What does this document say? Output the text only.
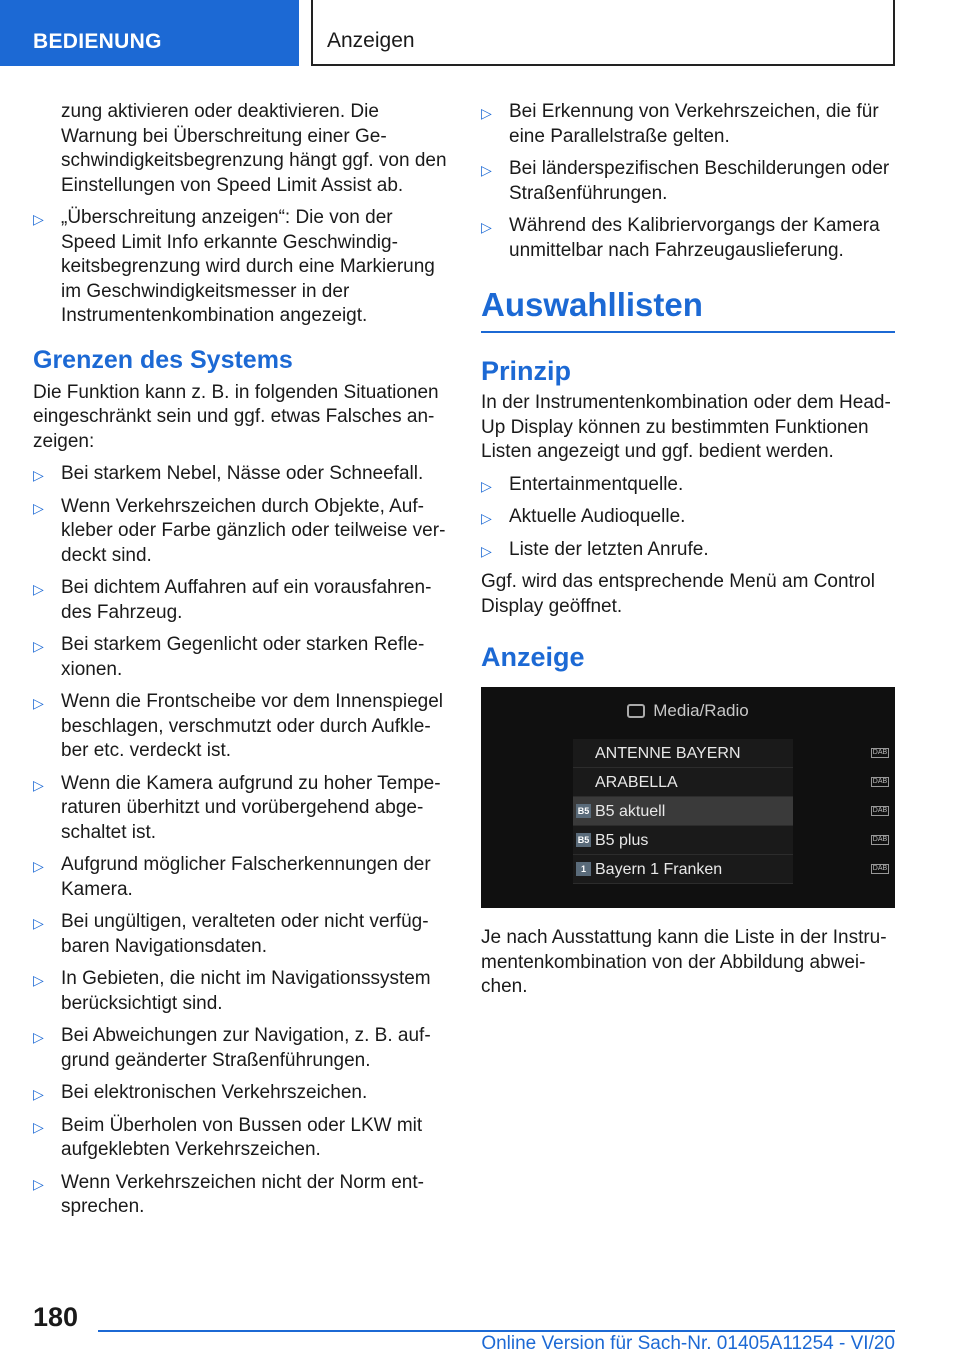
BEDIENUNG	Anzeigen

zung aktivieren oder deaktivieren. Die Warnung bei Überschreitung einer Geschwindigkeitsbegrenzung hängt ggf. von den Einstellungen von Speed Limit Assist ab.

▷ „Überschreitung anzeigen“: Die von der Speed Limit Info erkannte Geschwindigkeitsbegrenzung wird durch eine Markierung im Geschwindigkeitsmesser in der Instrumentenkombination angezeigt.
Grenzen des Systems

Die Funktion kann z. B. in folgenden Situationen eingeschränkt sein und ggf. etwas Falsches anzeigen:

▷ Bei starkem Nebel, Nässe oder Schneefall.
▷ Wenn Verkehrszeichen durch Objekte, Aufkleber oder Farbe gänzlich oder teilweise verdeckt sind.
▷ Bei dichtem Auffahren auf ein vorausfahrendes Fahrzeug.
▷ Bei starkem Gegenlicht oder starken Reflexionen.
▷ Wenn die Frontscheibe vor dem Innenspiegel beschlagen, verschmutzt oder durch Aufkleber etc. verdeckt ist.
▷ Wenn die Kamera aufgrund zu hoher Temperaturen überhitzt und vorübergehend abgeschaltet ist.
▷ Aufgrund möglicher Falscherkennungen der Kamera.
▷ Bei ungültigen, veralteten oder nicht verfügbaren Navigationsdaten.
▷ In Gebieten, die nicht im Navigationssystem berücksichtigt sind.
▷ Bei Abweichungen zur Navigation, z. B. aufgrund geänderter Straßenführungen.
▷ Bei elektronischen Verkehrszeichen.
▷ Beim Überholen von Bussen oder LKW mit aufgeklebten Verkehrszeichen.
▷ Wenn Verkehrszeichen nicht der Norm entsprechen.
▷ Bei Erkennung von Verkehrszeichen, die für eine Parallelstraße gelten.
▷ Bei länderspezifischen Beschilderungen oder Straßenführungen.
▷ Während des Kalibriervorgangs der Kamera unmittelbar nach Fahrzeugauslieferung.
Auswahllisten
Prinzip

In der Instrumentenkombination oder dem Head-Up Display können zu bestimmten Funktionen Listen angezeigt und ggf. bedient werden.

▷ Entertainmentquelle.
▷ Aktuelle Audioquelle.
▷ Liste der letzten Anrufe.

Ggf. wird das entsprechende Menü am Control Display geöffnet.

Anzeige
Media/Radio
ANTENNE BAYERN	DAB
ARABELLA	DAB
B5 B5 aktuell	DAB
B5 B5 plus	DAB
1 Bayern 1 Franken	DAB

Je nach Ausstattung kann die Liste in der Instrumentenkombination von der Abbildung abweichen.

180
Online Version für Sach-Nr. 01405A11254 - VI/20
